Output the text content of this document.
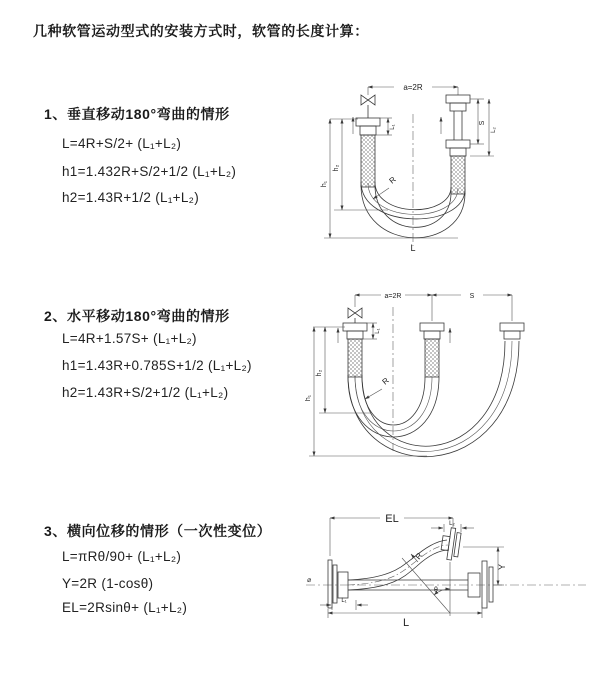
几种软管运动型式的安装方式时，软管的长度计算：
1、垂直移动180°弯曲的情形
L=4R+S/2+ (L₁+L₂)
h1=1.432R+S/2+1/2 (L₁+L₂)
h2=1.43R+1/2 (L₁+L₂)
2、水平移动180°弯曲的情形
L=4R+1.57S+ (L₁+L₂)
h1=1.43R+0.785S+1/2 (L₁+L₂)
h2=1.43R+S/2+1/2 (L₁+L₂)
3、横向位移的情形（一次性变位）
L=πRθ/90+ (L₁+L₂)
Y=2R (1-cosθ)
EL=2Rsinθ+ (L₁+L₂)
a=2R
L₁
S
L₂
h₂
h₁	R
L
a=2R	S
L₁
h₂
h₁
R
⌀
EL	L₂
θ
R
Y
L₁
L
